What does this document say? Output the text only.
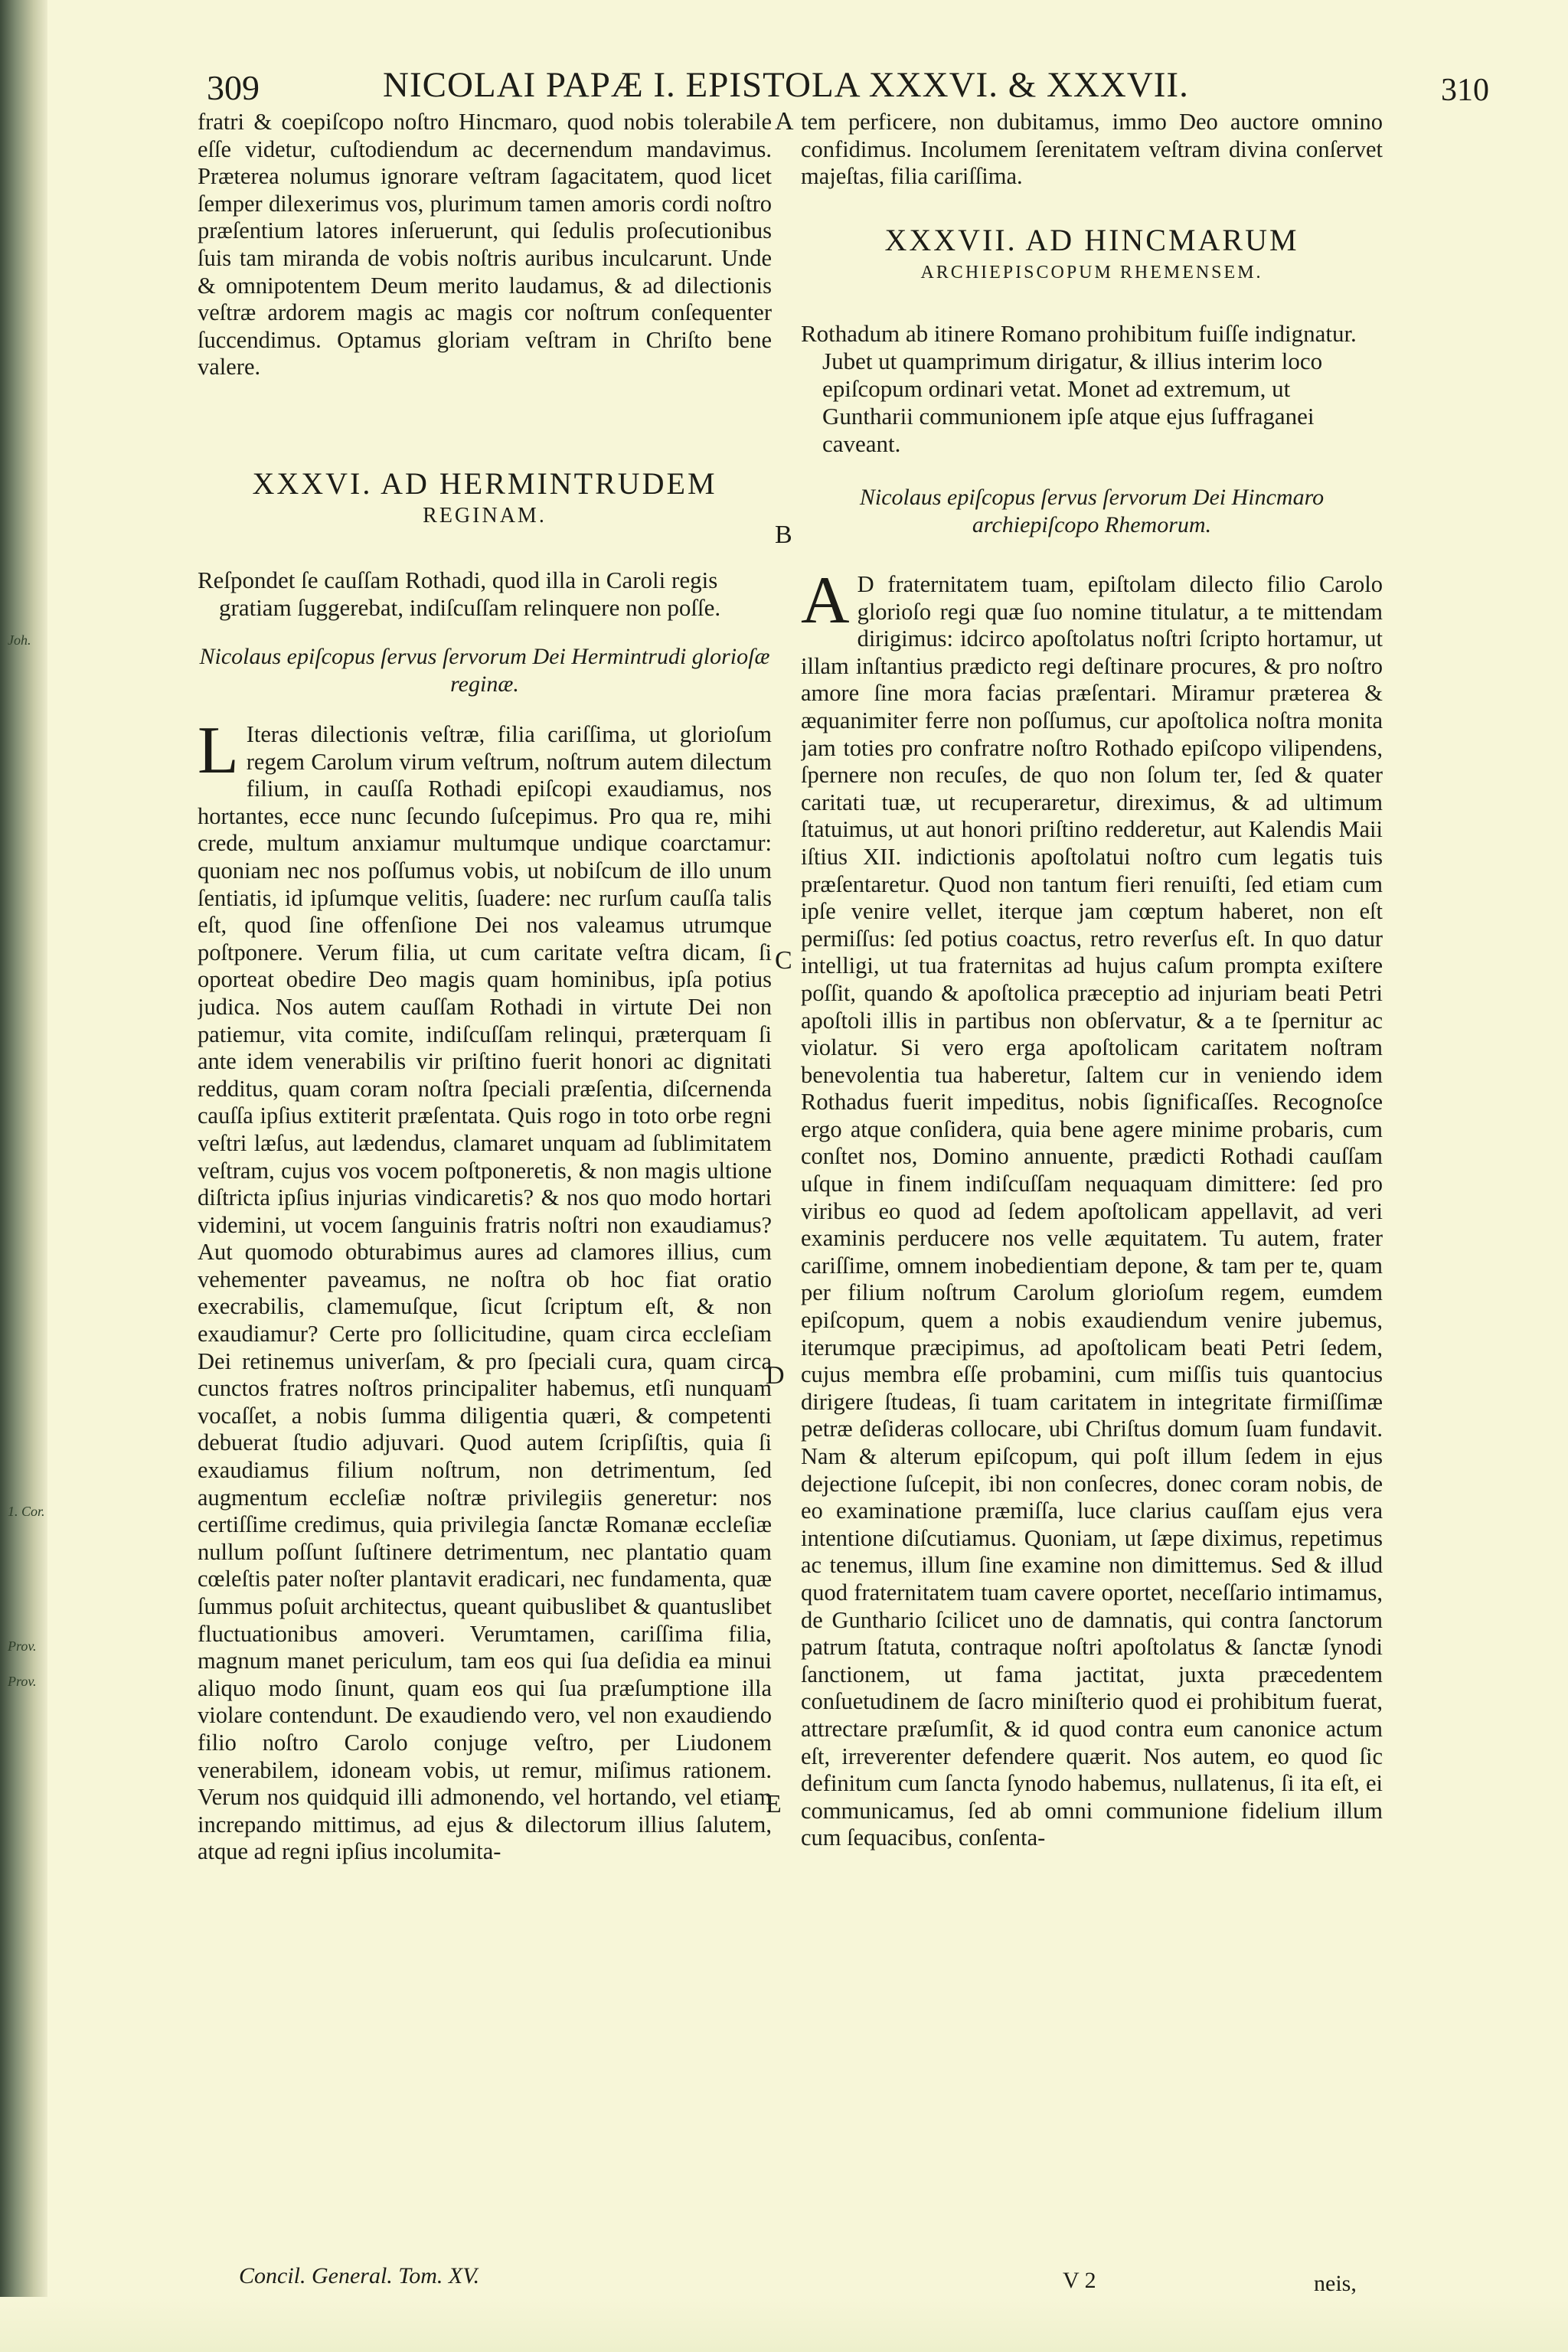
309	NICOLAI PAPÆ I. EPISTOLA XXXVI. & XXXVII.	310
Joh.
1. Cor.
Prov.
Prov.
A
B
C
D
E

fratri & coepiſcopo noſtro Hincmaro, quod nobis tolerabile eſſe videtur, cuſtodiendum ac decernendum mandavimus. Præterea nolumus ignorare veſtram ſagacitatem, quod licet ſemper dilexerimus vos, plurimum tamen amoris cordi noſtro præſentium latores inſeruerunt, qui ſedulis proſecutionibus ſuis tam miranda de vobis noſtris auribus inculcarunt. Unde & omnipotentem Deum merito laudamus, & ad dilectionis veſtræ ardorem magis ac magis cor noſtrum conſequenter ſuccendimus. Optamus gloriam veſtram in Chriſto bene valere.

XXXVI. AD HERMINTRUDEM

REGINAM.

Reſpondet ſe cauſſam Rothadi, quod illa in Caroli regis gratiam ſuggerebat, indiſcuſſam relinquere non poſſe.

Nicolaus epiſcopus ſervus ſervorum Dei Hermintrudi glorioſæ reginæ.

L Iteras dilectionis veſtræ, filia cariſſima, ut glorioſum regem Carolum virum veſtrum, noſtrum autem dilectum filium, in cauſſa Rothadi epiſcopi exaudiamus, nos hortantes, ecce nunc ſecundo ſuſcepimus. Pro qua re, mihi crede, multum anxiamur multumque undique coarctamur: quoniam nec nos poſſumus vobis, ut nobiſcum de illo unum ſentiatis, id ipſumque velitis, ſuadere: nec rurſum cauſſa talis eſt, quod ſine offenſione Dei nos valeamus utrumque poſtponere. Verum filia, ut cum caritate veſtra dicam, ſi oporteat obedire Deo magis quam hominibus, ipſa potius judica. Nos autem cauſſam Rothadi in virtute Dei non patiemur, vita comite, indiſcuſſam relinqui, prӕterquam ſi ante idem venerabilis vir priſtino fuerit honori ac dignitati redditus, quam coram noſtra ſpeciali præſentia, diſcernenda cauſſa ipſius extiterit præſentata. Quis rogo in toto orbe regni veſtri læſus, aut lædendus, clamaret unquam ad ſublimitatem veſtram, cujus vos vocem poſtponeretis, & non magis ultione diſtricta ipſius injurias vindicaretis? & nos quo modo hortari videmini, ut vocem ſanguinis fratris noſtri non exaudiamus? Aut quomodo obturabimus aures ad clamores illius, cum vehementer paveamus, ne noſtra ob hoc fiat oratio execrabilis, clamemuſque, ſicut ſcriptum eſt, & non exaudiamur? Certe pro ſollicitudine, quam circa eccleſiam Dei retinemus univerſam, & pro ſpeciali cura, quam circa cunctos fratres noſtros principaliter habemus, etſi nunquam vocaſſet, a nobis ſumma diligentia quæri, & competenti debuerat ſtudio adjuvari. Quod autem ſcripſiſtis, quia ſi exaudiamus filium noſtrum, non detrimentum, ſed augmentum eccleſiæ noſtræ privilegiis generetur: nos certiſſime credimus, quia privilegia ſanctæ Romanæ eccleſiæ nullum poſſunt ſuſtinere detrimentum, nec plantatio quam cœleſtis pater noſter plantavit eradicari, nec fundamenta, quæ ſummus poſuit architectus, queant quibuslibet & quantuslibet fluctuationibus amoveri. Verumtamen, cariſſima filia, magnum manet periculum, tam eos qui ſua deſidia ea minui aliquo modo ſinunt, quam eos qui ſua præſumptione illa violare contendunt. De exaudiendo vero, vel non exaudiendo filio noſtro Carolo conjuge veſtro, per Liudonem venerabilem, idoneam vobis, ut remur, miſimus rationem. Verum nos quidquid illi admonendo, vel hortando, vel etiam increpando mittimus, ad ejus & dilectorum illius ſalutem, atque ad regni ipſius incolumita-

tem perficere, non dubitamus, immo Deo auctore omnino confidimus. Incolumem ſerenitatem veſtram divina conſervet majeſtas, filia cariſſima.

XXXVII. AD HINCMARUM

ARCHIEPISCOPUM RHEMENSEM.

Rothadum ab itinere Romano prohibitum fuiſſe indignatur. Jubet ut quamprimum dirigatur, & illius interim loco epiſcopum ordinari vetat. Monet ad extremum, ut Guntharii communionem ipſe atque ejus ſuffraganei caveant.

Nicolaus epiſcopus ſervus ſervorum Dei Hincmaro archiepiſcopo Rhemorum.

A D fraternitatem tuam, epiſtolam dilecto filio Carolo glorioſo regi quæ ſuo nomine titulatur, a te mittendam dirigimus: idcirco apoſtolatus noſtri ſcripto hortamur, ut illam inſtantius prædicto regi deſtinare procures, & pro noſtro amore ſine mora facias præſentari. Miramur præterea & æquanimiter ferre non poſſumus, cur apoſtolica noſtra monita jam toties pro confratre noſtro Rothado epiſcopo vilipendens, ſpernere non recuſes, de quo non ſolum ter, ſed & quater caritati tuæ, ut recuperaretur, direximus, & ad ultimum ſtatuimus, ut aut honori priſtino redderetur, aut Kalendis Maii iſtius XII. indictionis apoſtolatui noſtro cum legatis tuis præſentaretur. Quod non tantum fieri renuiſti, ſed etiam cum ipſe venire vellet, iterque jam cœptum haberet, non eſt permiſſus: ſed potius coactus, retro reverſus eſt. In quo datur intelligi, ut tua fraternitas ad hujus caſum prompta exiſtere poſſit, quando & apoſtolica præceptio ad injuriam beati Petri apoſtoli illis in partibus non obſervatur, & a te ſpernitur ac violatur. Si vero erga apoſtolicam caritatem noſtram benevolentia tua haberetur, ſaltem cur in veniendo idem Rothadus fuerit impeditus, nobis ſignificaſſes. Recognoſce ergo atque conſidera, quia bene agere minime probaris, cum conſtet nos, Domino annuente, prædicti Rothadi cauſſam uſque in finem indiſcuſſam nequaquam dimittere: ſed pro viribus eo quod ad ſedem apoſtolicam appellavit, ad veri examinis perducere nos velle æquitatem. Tu autem, frater cariſſime, omnem inobedientiam depone, & tam per te, quam per filium noſtrum Carolum glorioſum regem, eumdem epiſcopum, quem a nobis exaudiendum venire jubemus, iterumque præcipimus, ad apoſtolicam beati Petri ſedem, cujus membra eſſe probamini, cum miſſis tuis quantocius dirigere ſtudeas, ſi tuam caritatem in integritate firmiſſimæ petræ deſideras collocare, ubi Chriſtus domum ſuam fundavit. Nam & alterum epiſcopum, qui poſt illum ſedem in ejus dejectione ſuſcepit, ibi non conſecres, donec coram nobis, de eo examinatione præmiſſa, luce clarius cauſſam ejus vera intentione diſcutiamus. Quoniam, ut ſæpe diximus, repetimus ac tenemus, illum ſine examine non dimittemus. Sed & illud quod fraternitatem tuam cavere oportet, neceſſario intimamus, de Gunthario ſcilicet uno de damnatis, qui contra ſanctorum patrum ſtatuta, contraque noſtri apoſtolatus & ſanctæ ſynodi ſanctionem, ut fama jactitat, juxta præcedentem conſuetudinem de ſacro miniſterio quod ei prohibitum fuerat, attrectare præſumſit, & id quod contra eum canonice actum eſt, irreverenter defendere quærit. Nos autem, eo quod ſic definitum cum ſancta ſynodo habemus, nullatenus, ſi ita eſt, ei communicamus, ſed ab omni communione fidelium illum cum ſequacibus, conſenta-

Concil. General. Tom. XV.	V 2	neis,
